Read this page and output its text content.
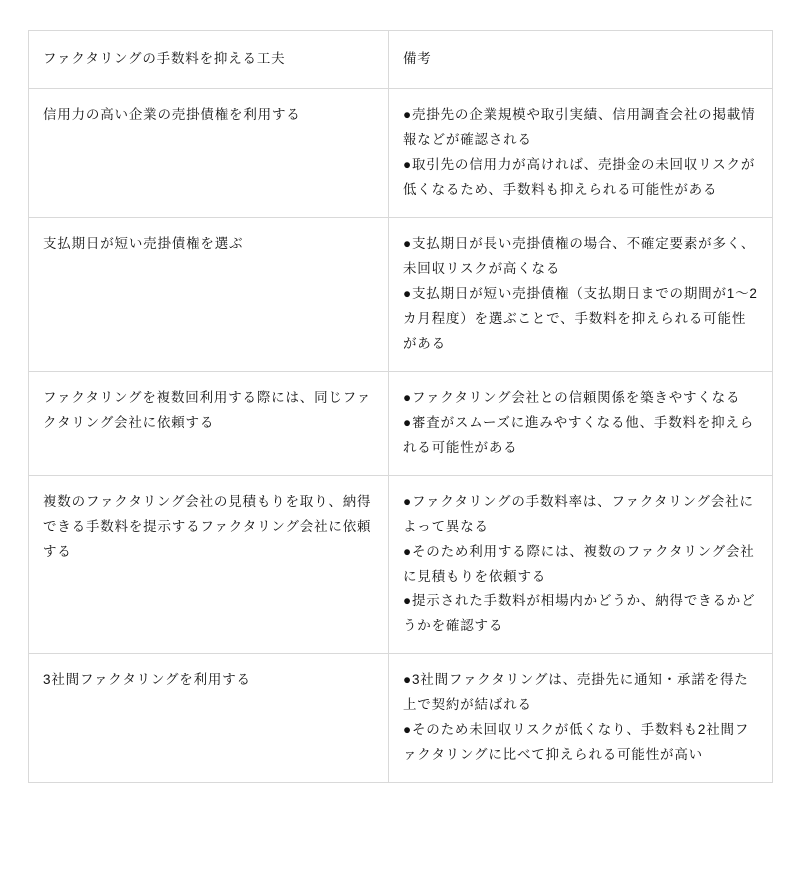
ファクタリングの手数料を抑える工夫	備考
信用力の高い企業の売掛債権を利用する	●売掛先の企業規模や取引実績、信用調査会社の掲載情報などが確認される
●取引先の信用力が高ければ、売掛金の未回収リスクが低くなるため、手数料も抑えられる可能性がある

支払期日が短い売掛債権を選ぶ	●支払期日が長い売掛債権の場合、不確定要素が多く、未回収リスクが高くなる
●支払期日が短い売掛債権（支払期日までの期間が1〜2カ月程度）を選ぶことで、手数料を抑えられる可能性がある

ファクタリングを複数回利用する際には、同じファクタリング会社に依頼する	●ファクタリング会社との信頼関係を築きやすくなる
●審査がスムーズに進みやすくなる他、手数料を抑えられる可能性がある

複数のファクタリング会社の見積もりを取り、納得できる手数料を提示するファクタリング会社に依頼する	●ファクタリングの手数料率は、ファクタリング会社によって異なる
●そのため利用する際には、複数のファクタリング会社に見積もりを依頼する
●提示された手数料が相場内かどうか、納得できるかどうかを確認する

3社間ファクタリングを利用する	●3社間ファクタリングは、売掛先に通知・承諾を得た上で契約が結ばれる
●そのため未回収リスクが低くなり、手数料も2社間ファクタリングに比べて抑えられる可能性が高い
